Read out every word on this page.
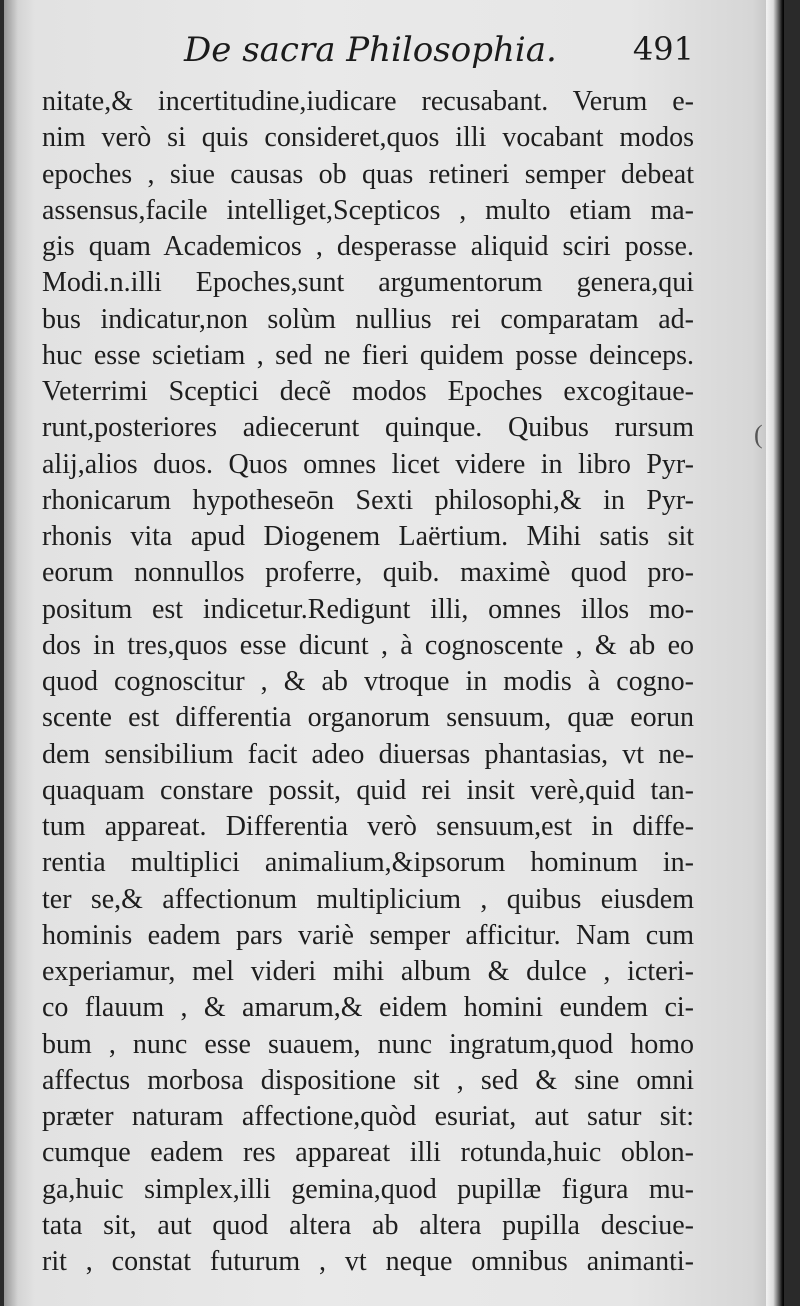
De sacra Philosophia. 491
nitate,& incertitudine,iudicare recusabant. Verum e-
nim verò si quis consideret,quos illi vocabant modos
epoches , siue causas ob quas retineri semper debeat
assensus,facile intelliget,Scepticos , multo etiam ma-
gis quam Academicos , desperasse aliquid sciri posse.
Modi.n.illi Epoches,sunt argumentorum genera,qui
bus indicatur,non solùm nullius rei comparatam ad-
huc esse scietiam , sed ne fieri quidem posse deinceps.
Veterrimi Sceptici decẽ modos Epoches excogitaue-
runt,posteriores adiecerunt quinque. Quibus rursum
alij,alios duos. Quos omnes licet videre in libro Pyr-
rhonicarum hypotheseōn Sexti philosophi,& in Pyr-
rhonis vita apud Diogenem Laërtium. Mihi satis sit
eorum nonnullos proferre, quib. maximè quod pro-
positum est indicetur.Redigunt illi, omnes illos mo-
dos in tres,quos esse dicunt , à cognoscente , & ab eo
quod cognoscitur , & ab vtroque in modis à cogno-
scente est differentia organorum sensuum, quæ eorun
dem sensibilium facit adeo diuersas phantasias, vt ne-
quaquam constare possit, quid rei insit verè,quid tan-
tum appareat. Differentia verò sensuum,est in diffe-
rentia multiplici animalium,&ipsorum hominum in-
ter se,& affectionum multiplicium , quibus eiusdem
hominis eadem pars variè semper afficitur. Nam cum
experiamur, mel videri mihi album & dulce , icteri-
co flauum , & amarum,& eidem homini eundem ci-
bum , nunc esse suauem, nunc ingratum,quod homo
affectus morbosa dispositione sit , sed & sine omni
præter naturam affectione,quòd esuriat, aut satur sit:
cumque eadem res appareat illi rotunda,huic oblon-
ga,huic simplex,illi gemina,quod pupillæ figura mu-
tata sit, aut quod altera ab altera pupilla desciue-
rit , constat futurum , vt neque omnibus animanti-
(
